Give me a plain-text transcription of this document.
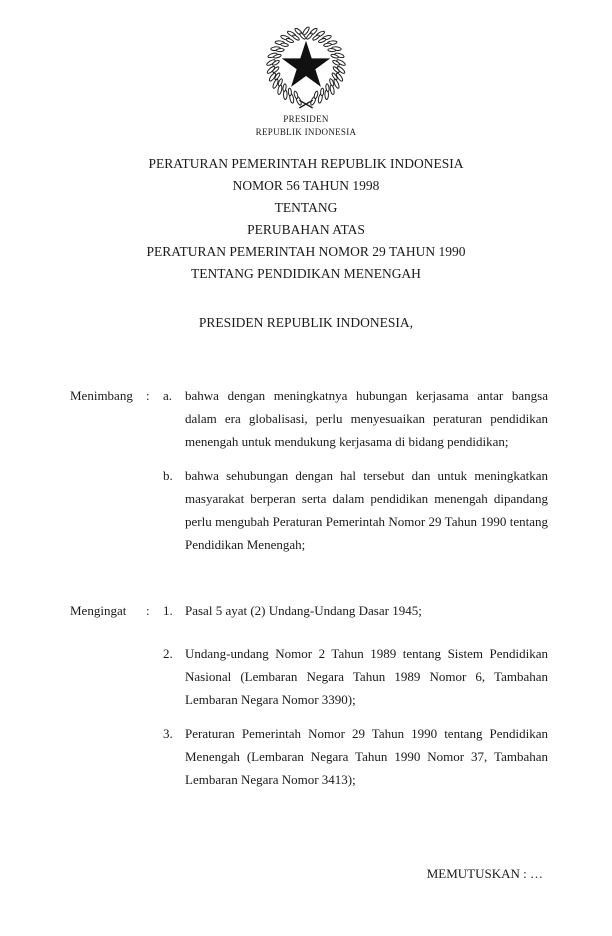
PRESIDEN
REPUBLIK INDONESIA
PERATURAN PEMERINTAH REPUBLIK INDONESIA
NOMOR 56 TAHUN 1998
TENTANG
PERUBAHAN ATAS
PERATURAN PEMERINTAH NOMOR 29 TAHUN 1990
TENTANG PENDIDIKAN MENENGAH
PRESIDEN REPUBLIK INDONESIA,
Menimbang	:	a. bahwa dengan meningkatnya hubungan kerjasama antar bangsa dalam era globalisasi, perlu menyesuaikan peraturan pendidikan menengah untuk mendukung kerjasama di bidang pendidikan;
b. bahwa sehubungan dengan hal tersebut dan untuk meningkatkan masyarakat berperan serta dalam pendidikan menengah dipandang perlu mengubah Peraturan Pemerintah Nomor 29 Tahun 1990 tentang Pendidikan Menengah;
Mengingat	:	1. Pasal 5 ayat (2) Undang-Undang Dasar 1945;
2. Undang-undang Nomor 2 Tahun 1989 tentang Sistem Pendidikan Nasional (Lembaran Negara Tahun 1989 Nomor 6, Tambahan Lembaran Negara Nomor 3390);
3. Peraturan Pemerintah Nomor 29 Tahun 1990 tentang Pendidikan Menengah (Lembaran Negara Tahun 1990 Nomor 37, Tambahan Lembaran Negara Nomor 3413);
MEMUTUSKAN : …
